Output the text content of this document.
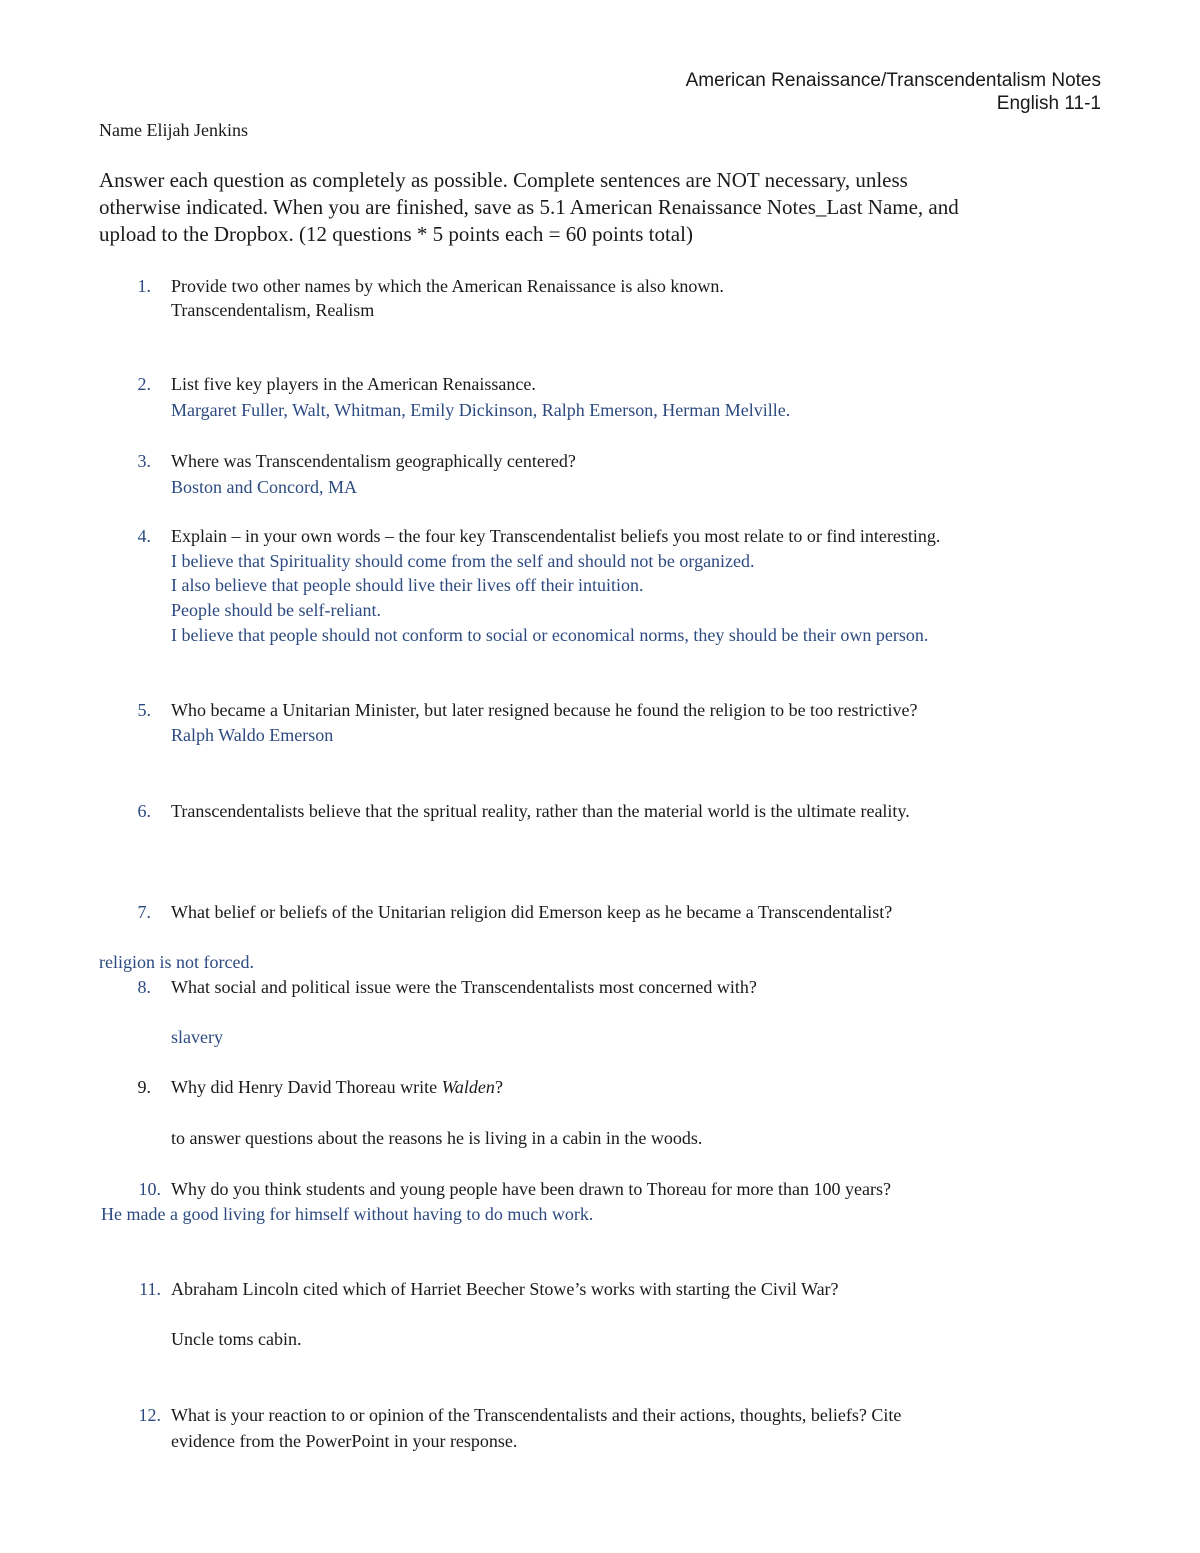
American Renaissance/Transcendentalism Notes
English 11-1
Name Elijah Jenkins
Answer each question as completely as possible. Complete sentences are NOT necessary, unless
otherwise indicated. When you are finished, save as 5.1 American Renaissance Notes_Last Name, and
upload to the Dropbox. (12 questions * 5 points each = 60 points total)
1. Provide two other names by which the American Renaissance is also known.
Transcendentalism, Realism
2. List five key players in the American Renaissance.
Margaret Fuller, Walt, Whitman, Emily Dickinson, Ralph Emerson, Herman Melville.
3. Where was Transcendentalism geographically centered?
Boston and Concord, MA
4. Explain – in your own words – the four key Transcendentalist beliefs you most relate to or find interesting.
I believe that Spirituality should come from the self and should not be organized.
I also believe that people should live their lives off their intuition.
People should be self-reliant.
I believe that people should not conform to social or economical norms, they should be their own person.
5. Who became a Unitarian Minister, but later resigned because he found the religion to be too restrictive?
Ralph Waldo Emerson
6. Transcendentalists believe that the spritual reality, rather than the material world is the ultimate reality.
7. What belief or beliefs of the Unitarian religion did Emerson keep as he became a Transcendentalist?
religion is not forced.
8. What social and political issue were the Transcendentalists most concerned with?
slavery
9. Why did Henry David Thoreau write Walden?
to answer questions about the reasons he is living in a cabin in the woods.
10. Why do you think students and young people have been drawn to Thoreau for more than 100 years?
He made a good living for himself without having to do much work.
11. Abraham Lincoln cited which of Harriet Beecher Stowe’s works with starting the Civil War?
Uncle toms cabin.
12. What is your reaction to or opinion of the Transcendentalists and their actions, thoughts, beliefs? Cite
evidence from the PowerPoint in your response.
